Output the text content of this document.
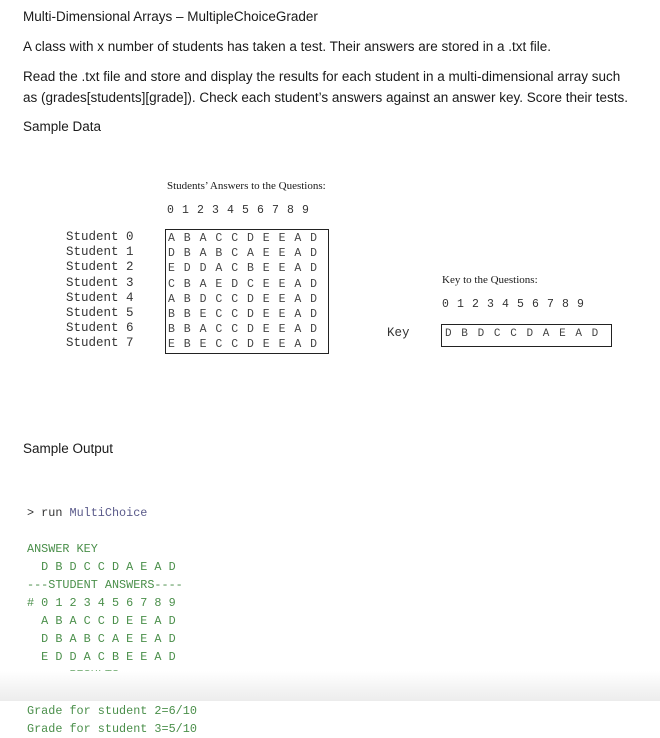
Multi-Dimensional Arrays – MultipleChoiceGrader
A class with x number of students has taken a test. Their answers are stored in a .txt file.
Read the .txt file and store and display the results for each student in a multi-dimensional array such
as (grades[students][grade]). Check each student’s answers against an answer key. Score their tests.
Sample Data
Students’ Answers to the Questions:
0 1 2 3 4 5 6 7 8 9
Student 0
Student 1
Student 2
Student 3
Student 4
Student 5
Student 6
Student 7
A B A C C D E E A D
D B A B C A E E A D
E D D A C B E E A D
C B A E D C E E A D
A B D C C D E E A D
B B E C C D E E A D
B B A C C D E E A D
E B E C C D E E A D
Key to the Questions:
0 1 2 3 4 5 6 7 8 9
Key	D B D C C D A E A D
Sample Output

> run MultiChoice

ANSWER KEY
D B D C C D A E A D
---STUDENT ANSWERS----
# 0 1 2 3 4 5 6 7 8 9
A B A C C D E E A D
D B A B C A E E A D
E D D A C B E E A D
Grade for student 2=6/10
Grade for student 3=5/10
